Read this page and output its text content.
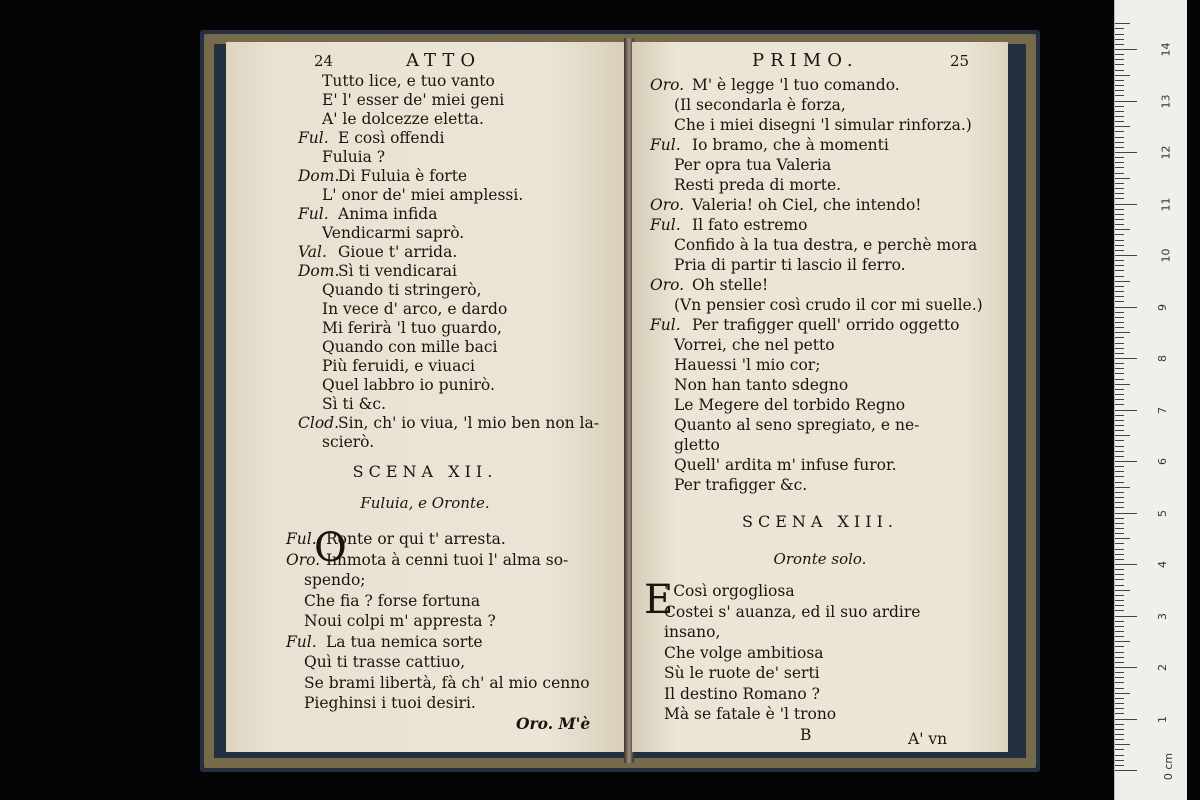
24	ATTO
Tutto lice, e tuo vanto
E' l' esser de' miei geni
A' le dolcezze eletta.
Ful. E così offendi
Fuluia ?
Dom.
Di Fuluia è forte
L' onor de' miei amplessi.
Ful. Anima infida
Vendicarmi saprò.
Val. Gioue t' arrida.
Dom.
Sì ti vendicarai
Quando ti stringerò,
In vece d' arco, e dardo
Mi ferirà 'l tuo guardo,
Quando con mille baci
Più feruidi, e viuaci
Quel labbro io punirò.
Sì ti &c.
Clod. Sin, ch' io viua, 'l mio ben non la-
scierò.
SCENA XII.
Fuluia, e Oronte.
O
Ful. Ronte or qui t' arresta.
Oro. Immota à cenni tuoi l' alma so-
spendo;
Che fia ? forse fortuna
Noui colpi m' appresta ?
Ful. La tua nemica sorte
Quì ti trasse cattiuo,
Se brami libertà, fà ch' al mio cenno
Pieghinsi i tuoi desiri.
Oro. M'è
PRIMO.	25
Oro. M' è legge 'l tuo comando.
(Il secondarla è forza,
Che i miei disegni 'l simular rinforza.)
Ful. Io bramo, che à momenti
Per opra tua Valeria
Resti preda di morte.
Oro. Valeria! oh Ciel, che intendo!
Ful. Il fato estremo
Confido à la tua destra, e perchè mora
Pria di partir ti lascio il ferro.
Oro. Oh stelle!
(Vn pensier così crudo il cor mi suelle.)
Ful. Per trafigger quell' orrido oggetto
Vorrei, che nel petto
Hauessi 'l mio cor;
Non han tanto sdegno
Le Megere del torbido Regno
Quanto al seno spregiato, e ne-
gletto
Quell' ardita m' infuse furor.
Per trafigger &c.
SCENA XIII.
Oronte solo.
E
' Così orgogliosa
Costei s' auanza, ed il suo ardire
insano,
Che volge ambitiosa
Sù le ruote de' serti
Il destino Romano ?
Mà se fatale è 'l trono
B	A' vn
1
2
3
4
5
6
7
8
9
10
11
12
13
14
0 cm
